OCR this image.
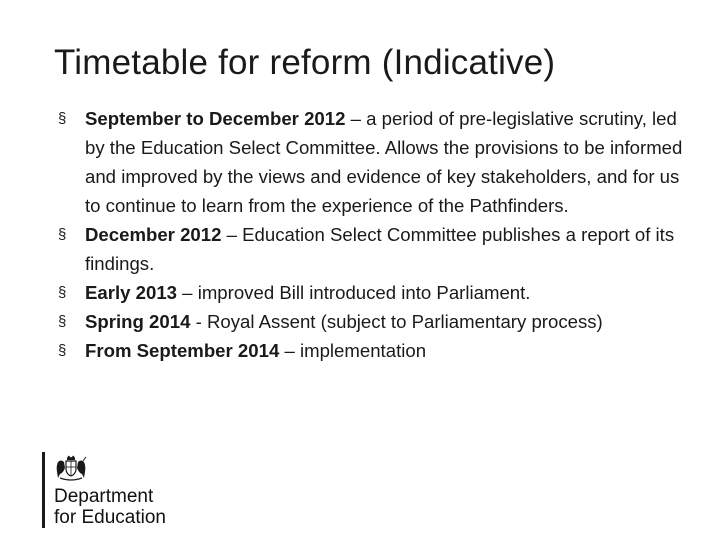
Timetable for reform (Indicative)
§
September to December 2012 – a period of pre-legislative scrutiny, led by the Education Select Committee. Allows the provisions to be informed and improved by the views and evidence of key stakeholders, and for us to continue to learn from the experience of the Pathfinders.
§
December 2012 – Education Select Committee publishes a report of its findings.
§
Early 2013 – improved Bill introduced into Parliament.
§
Spring 2014 - Royal Assent (subject to Parliamentary process)
§
From September 2014 – implementation
Department
for Education
